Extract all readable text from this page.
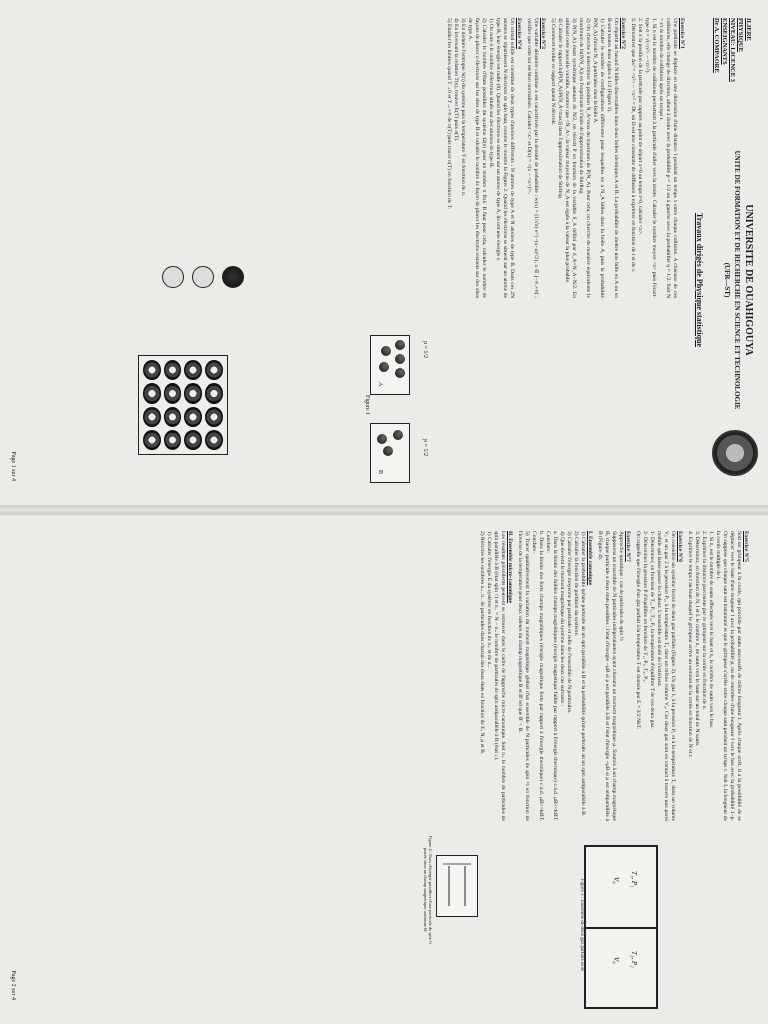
ILIERE
PHYSIQUE
NIVEAU: LICENCE 3
ENSEIGNANTS
Dr A. COMPAORE
UNIVERSITE DE OUAHIGOUYA
UNITE DE FORMATION ET DE RECHERCHE EN SCIENCE ET TECHNOLOGIE
(UFR—ST)
Travaux dirigés de Physique statistique
Exercice N°1
Une particule se déplace en une dimension d'une distance l pendant un temps τ entre chaque collision. A chacune de ces collisions, elle change de direction, allant à droite avec la probabilité p = 1/2 ou à gauche avec la probabilité q = 1/2. Soit N = t/τ le nombre de collisions après un temps t.
1. Si n est le nombre de collisions permettant à la particule d'aller vers la droite. Calculer le nombre moyen <n> puis l'écart-type σ = √(<n²> − <n>²).
2. Soit x la position de la particule par rapport au point de départ x=0 au temps t=0, calculer <x>.
3. Démontrer que Δx² = <x²> − <x>² = Dt, où D est une constante de diffusion à exprimer en fonction de l et de τ.
Exercice N°2
On répartit au hasard N billes discernables dans deux boîtes identiques A et B. La probabilité de mettre une bille en A ou en B sont toutes deux égales à 1/2 (Figure 1).
1) Calculer le nombre de configurations différentes pour lesquelles on a N_A billes dans la boîte A, puis la probabilité P(N_A) d'avoir N_A particules dans la boîte A.
2) On cherche à déterminer la position N_A^max du maximum de P(N_A). Pour cela, on cherche de manière équivalente le maximum de ln(P(N_A)) en l'exprimant à l'aide de l'approximation de Stirling.
3) P(N_A) étant symétrique autours de N/2, on réécrit P en fonction de la variable δ_A défini par δ_A=N_A−N/2. En utilisant cette nouvelle variable, montrer que <N_A>, la valeur moyenne de N_A est égale à la valeur la plus probable.
4) Calculer le rapport ln[P(N_A)/P(N_A^max)] dans l'approximation de Stirling.
5) Comment évolue ce rapport quand N décroit.
Exercice N°3
Une variable aléatoire continue x est caractérisée par la densité de probabilité : w(x) = (1/√π) e^{−(x−a)²/2}, x ∈ ]−∞,+∞[ ; vérifier que cette loi est bien normalisée. Calculer <x> et D(x) = <(x − <x>)²>.
Exercice N°4
Un cristal solide est constitué de deux types d'atomes différents : N atomes de type A et N atomes de type B. Dans ces 2N atomes se répartissent N électrons de spin haut, comme le montre la Figure 2. Quand les électrons se situent sur un atome de type B, leur énergie est nulle (0). Quand les électrons se situent sur un atome de type A, ils ont une énergie ε.
1) On note n le nombre d'électrons situés sur des atomes de type B.
2) Calculer le nombre d'états possibles du système Ω(n) pour un nombre n fixé. Il faut pour cela, calculer le nombre de façons de placer n électrons sur les sites de type B et calculer le nombre de façon de placer les électrons restants sur des sites de type A.
3) En déduire l'entropie S(n) du système puis la température T en fonction de n.
4) En inversant la relation T(n), trouver E(T) puis n(T).
5) Etudier les limites quand T→0 et T→+∞ de n(T) puis tracer n(T) en fonction de T.
p = 1/2
p = 1/2
A
B
Figure 1
Page 1 sur 4
Exercice N°5
Soit un grimpeur à la corde, qui procède par sauts successifs de même longueur l. Après chaque arrêt, il a la possibilité de se déplacer vers le haut d'une longueur l avec la probabilité p, ou de retomber d'une longueur l vers le bas avec la probabilité 1−p. On suppose que chaque saut est instantané et que le grimpeur s'arrête entre chaque saut pendant un temps τ. Soit L la longueur de la corde multiple de l.
1. Si n₁ est le nombre de sauts effectués vers le haut et n₂ le nombre de sauts vers le bas.
2. Exprimer la distance parcourue par ce grimpeur sur la corde en fonction de n.
3. Déterminez, en fonction de N, l et L le nombre n₁ de sauts vers le haut sur un total de N sauts.
4. Exprimer le temps t au bout duquel le grimpeur arrive au sommet de la corde en fonction de N et τ.
Exercice N°6
On considère un système fermé de deux gaz parfaits (Figure 3). Un gaz 1, à la pression P₁ et à la température T₁ dans un volume V₁ et un gaz 2 à la pression P₂, à la température T₂ dans un même volume V₀. Ces deux gaz sont en contact à travers une paroi mobile qui laisse passer la chaleur. L'ensemble est isolé de l'extérieur.
1- Déterminer, en fonction de T₁, P₁, T₂, P₂ la température d'équilibre T de ces deux gaz.
2- Déterminer la pression P d'équilibre en fonction de T₁, P₁, T₂, P₂.
On rappelle que l'énergie d'un gaz parfait à la température T est donnée par E = 3/2 NkT.
Exercice N°7
Approche quantique : cas de particules de spin ½
Supposons un ensemble de N particules indépendantes ayant chacune un moment magnétique μ. Soumis à un champ magnétique B, chaque particule a deux états possibles : l'état d'énergie −μB si μ est parallèle à B et l'état d'énergie +μB si μ est antiparallèle à B (Figure 4).
I. Ensemble canonique
1) Calculer la probabilité qu'une particule ait un spin parallèle à B et la probabilité qu'une particule ait un spin antiparallèle à B.
2) Calculer la fonction de partition du système.
3) Calculer l'énergie moyenne par particule et celle de l'ensemble de N particules.
4) Que devient le moment magnétique du système dans les deux cas suivants :
a. Dans la limite des faibles champs magnétiques (énergie magnétique faible par rapport à l'énergie thermique) c.à.d. μB<<kBT. Conclure.
b. Dans la limite des forts champs magnétiques (énergie magnétique forte par rapport à l'énergie thermique) c.à.d. μB>>kBT. Conclure.
5) Tracer qualitativement la variation du moment magnétique global d'un ensemble de N particules de spin ½ en fonction de l'inverse de la température pour deux valeurs du champ magnétique B et B' tel que B' < B.
II. Ensemble micro-canonique
Les résultats précédents peuvent se retrouver dans le cadre de l'approche micro-canonique. Soit n₊ le nombre de particules de spin parallèle à B (état spin ↑) et n₋ = N − n₊ le nombre de particules de spin antiparallèle à B (état ↓).
1) Calculer l'énergie E du système en fonction de n₊ et de n₋.
2) Réécrire les nombres n₊, n₋ de particules dans chacun des deux états en fonction de E, N, μ et B.
T₁, P₁
V₀
T₂, P₂
V₀
Figure 3 : Ensemble de deux gaz parfaits isolé
Figure 4 : Etats d'énergie possibles d'une particule de spin ½ placée dans un champ magnétique uniforme B.
Page 2 sur 4
